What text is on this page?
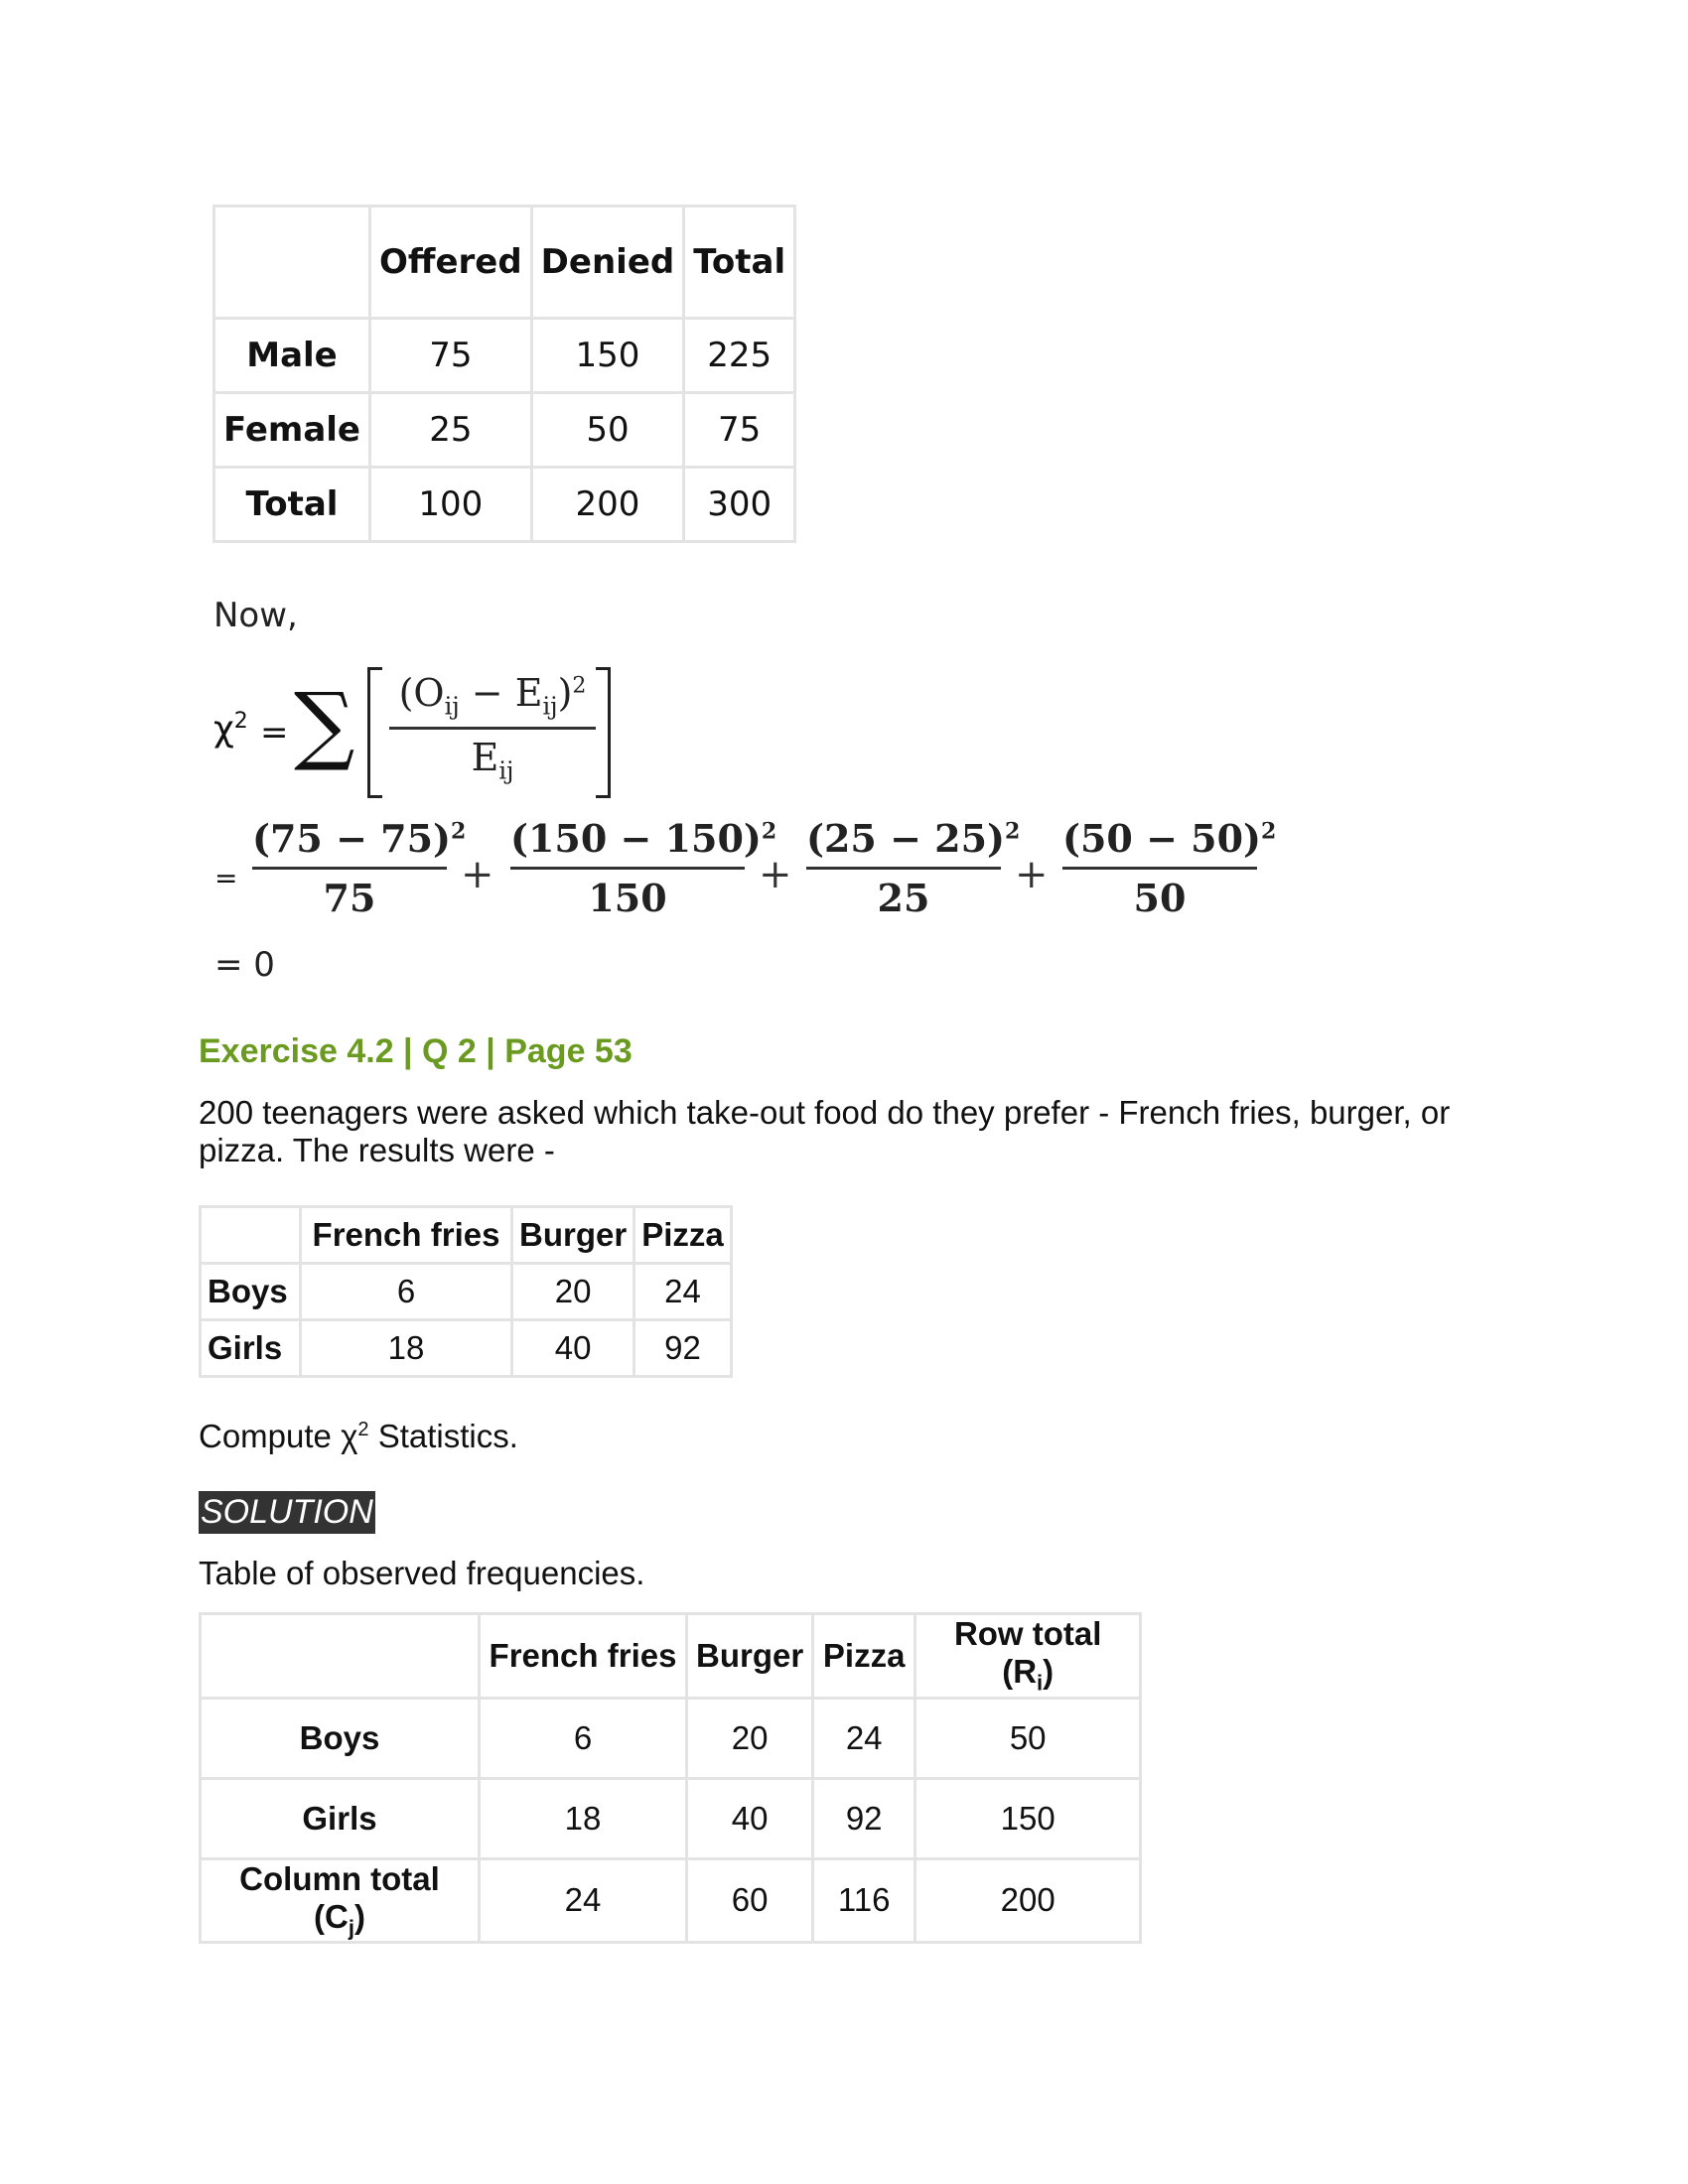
	Offered	Denied	Total
Male	75	150	225
Female	25	50	75
Total	100	200	300
Now,
$\chi^2$ = ∑ $(O_{ij} - E_{ij})^2$
$E_{ij}$
= $\frac{(75 - 75)^2}{75} + \frac{(150 - 150)^2}{150} + \frac{(25 - 25)^2}{25} + \frac{(50 - 50)^2}{50}$
= 0
Exercise 4.2 | Q 2 | Page 53
200 teenagers were asked which take-out food do they prefer - French fries, burger, or pizza. The results were -
	French fries	Burger	Pizza
Boys	6	20	24
Girls	18	40	92
Compute $\chi^2$ Statistics.
SOLUTION
Table of observed frequencies.
	French fries	Burger	Pizza	Row total $(R_i)$
Boys	6	20	24	50
Girls	18	40	92	150
Column total $(C_j)$	24	60	116	200
